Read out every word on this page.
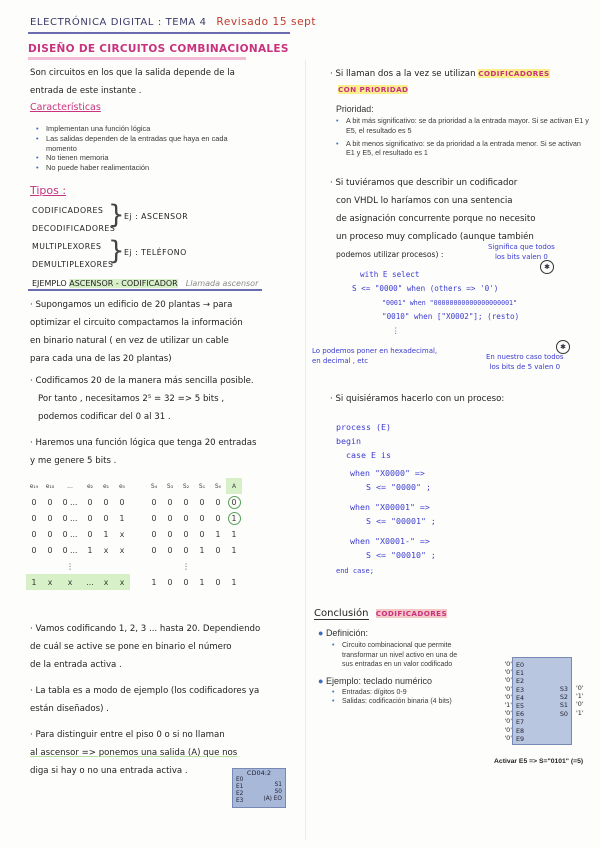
ELECTRÓNICA DIGITAL : TEMA 4 Revisado 15 sept
DISEÑO DE CIRCUITOS COMBINACIONALES
Son circuitos en los que la salida depende de la
entrada de este instante .
Características
• Implementan una función lógica
• Las salidas dependen de la entradas que haya en cada momento
• No tienen memoria
• No puede haber realimentación
Tipos :
CODIFICADORES
DECODIFICADORES
} Ej : ASCENSOR
MULTIPLEXORES
DEMULTIPLEXORES
} Ej : TELÉFONO
EJEMPLO ASCENSOR - CODIFICADOR Llamada ascensor
· Supongamos un edificio de 20 plantas → para
optimizar el circuito compactamos la información
en binario natural ( en vez de utilizar un cable
para cada una de las 20 plantas)
· Codificamos 20 de la manera más sencilla posible.
Por tanto , necesitamos 2⁵ = 32 => 5 bits ,
podemos codificar del 0 al 31 .
· Haremos una función lógica que tenga 20 entradas
y me genere 5 bits .
e₁₉	e₁₈	...	e₂	e₁	e₀		S₄	S₃	S₂	S₁	S₀	A
0	0	0 ...	0	0	0		0	0	0	0	0	0
0	0	0 ...	0	0	1		0	0	0	0	0	1
0	0	0 ...	0	1	x		0	0	0	0	1	1
0	0	0 ...	1	x	x		0	0	0	1	0	1
		⋮							⋮			
1	x	x	...	x	x		1	0	0	1	0	1
· Vamos codificando 1, 2, 3 ... hasta 20. Dependiendo
de cuál se active se pone en binario el número
de la entrada activa .
· La tabla es a modo de ejemplo (los codificadores ya
están diseñados) .
· Para distinguir entre el piso 0 o si no llaman
al ascensor => ponemos una salida (A) que nos
diga si hay o no una entrada activa .	CD04:2
E0
E1
E2
E3
S1
S0
(A) EO
· Si llaman dos a la vez se utilizan CODIFICADORES
CON PRIORIDAD
Prioridad:
• A bit más significativo: se da prioridad a la entrada mayor. Si se activan E1 y E5, el resultado es 5
• A bit menos significativo: se da prioridad a la entrada menor. Si se activan E1 y E5, el resultado es 1
· Si tuviéramos que describir un codificador
con VHDL lo haríamos con una sentencia
de asignación concurrente porque no necesito
un proceso muy complicado (aunque también
podemos utilizar procesos) :
Significa que todos
los bits valen 0
✱
with E select
S <= "0000" when (others => '0')
"0001" when "00000000000000000001"
"0010" when ["X0002"]; (resto)
⋮
Lo podemos poner en hexadecimal,
en decimal , etc	En nuestro caso todos
los bits de 5 valen 0
✱
· Si quisiéramos hacerlo con un proceso:
process (E)
begin
case E is
when "X0000" =>
S <= "0000" ;
when "X00001" =>
S <= "00001" ;
when "X0001-" =>
S <= "00010" ;
end case;
Conclusión CODIFICADORES
● Definición:
• Circuito combinacional que permite transformar un nivel activo en una de sus entradas en un valor codificado
● Ejemplo: teclado numérico
• Entradas: dígitos 0-9
• Salidas: codificación binaria (4 bits)
'0'
'0'
'0'
'0'
'0'
'1'
'0'
'0'
'0'
'0'
E0
E1
E2
E3
E4
E5
E6
E7
E8
E9
S3
S2
S1
S0
'0'
'1'
'0'
'1'
Activar E5 => S="0101" (=5)
